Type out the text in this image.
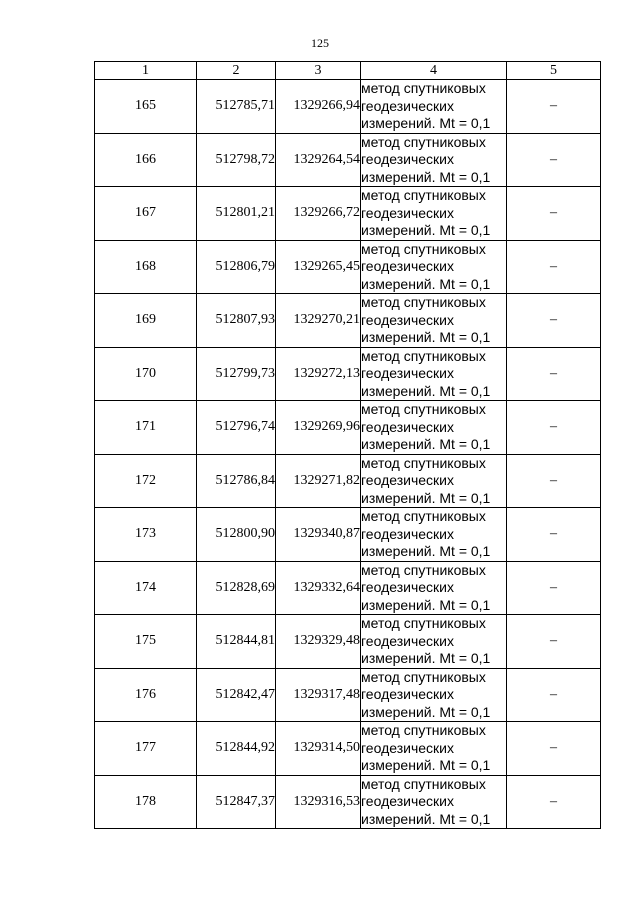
125
1	2	3	4	5
165	512785,71	1329266,94	метод спутниковых
геодезических
измерений. Mt = 0,1	–
166	512798,72	1329264,54	метод спутниковых
геодезических
измерений. Mt = 0,1	–
167	512801,21	1329266,72	метод спутниковых
геодезических
измерений. Mt = 0,1	–
168	512806,79	1329265,45	метод спутниковых
геодезических
измерений. Mt = 0,1	–
169	512807,93	1329270,21	метод спутниковых
геодезических
измерений. Mt = 0,1	–
170	512799,73	1329272,13	метод спутниковых
геодезических
измерений. Mt = 0,1	–
171	512796,74	1329269,96	метод спутниковых
геодезических
измерений. Mt = 0,1	–
172	512786,84	1329271,82	метод спутниковых
геодезических
измерений. Mt = 0,1	–
173	512800,90	1329340,87	метод спутниковых
геодезических
измерений. Mt = 0,1	–
174	512828,69	1329332,64	метод спутниковых
геодезических
измерений. Mt = 0,1	–
175	512844,81	1329329,48	метод спутниковых
геодезических
измерений. Mt = 0,1	–
176	512842,47	1329317,48	метод спутниковых
геодезических
измерений. Mt = 0,1	–
177	512844,92	1329314,50	метод спутниковых
геодезических
измерений. Mt = 0,1	–
178	512847,37	1329316,53	метод спутниковых
геодезических
измерений. Mt = 0,1	–
